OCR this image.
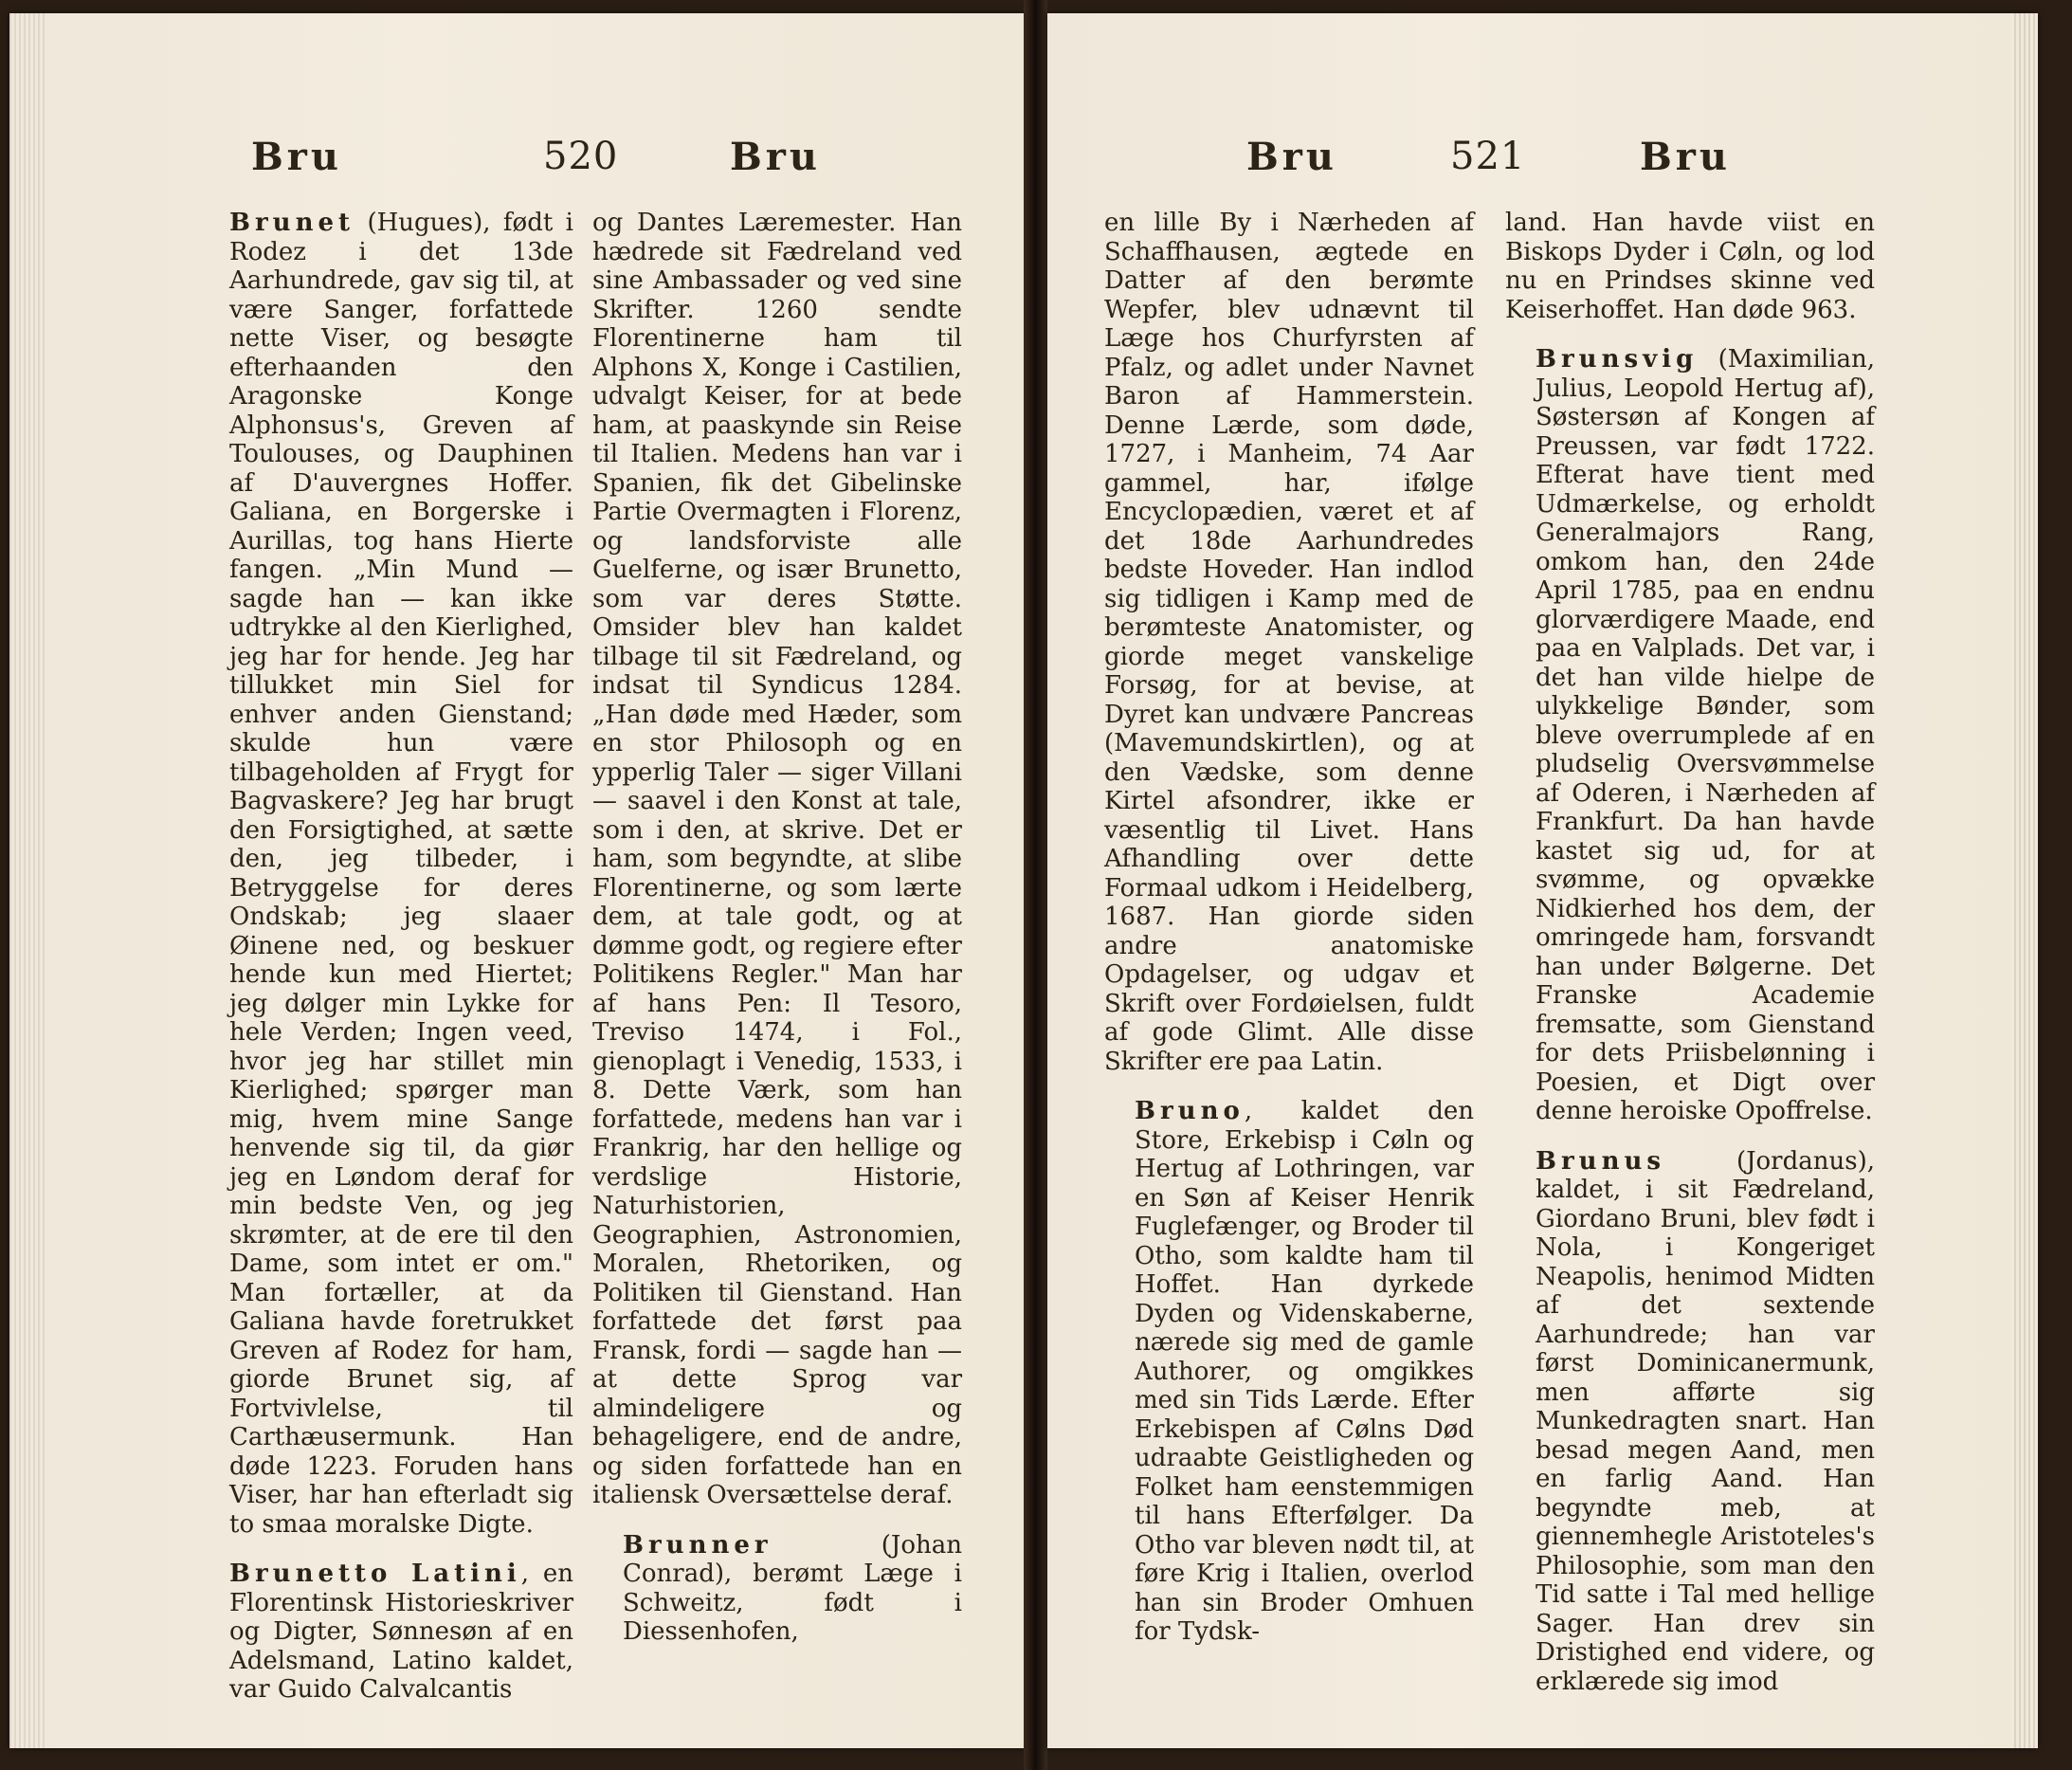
Bru	520	Bru

Brunet (Hugues), født i Rodez i det 13de Aarhundrede, gav sig til, at være Sanger, forfattede nette Viser, og besøgte efterhaanden den Aragonske Konge Alphonsus's, Greven af Toulouses, og Dauphinen af D'auvergnes Hoffer. Galiana, en Borgerske i Aurillas, tog hans Hierte fangen. „Min Mund — sagde han — kan ikke udtrykke al den Kierlighed, jeg har for hende. Jeg har tillukket min Siel for enhver anden Gienstand; skulde hun være tilbageholden af Frygt for Bagvaskere? Jeg har brugt den Forsigtighed, at sætte den, jeg tilbeder, i Betryggelse for deres Ondskab; jeg slaaer Øinene ned, og beskuer hende kun med Hiertet; jeg dølger min Lykke for hele Verden; Ingen veed, hvor jeg har stillet min Kierlighed; spørger man mig, hvem mine Sange henvende sig til, da giør jeg en Løndom deraf for min bedste Ven, og jeg skrømter, at de ere til den Dame, som intet er om." Man fortæller, at da Galiana havde foretrukket Greven af Rodez for ham, giorde Brunet sig, af Fortvivlelse, til Carthæusermunk. Han døde 1223. Foruden hans Viser, har han efterladt sig to smaa moralske Digte.

Brunetto Latini, en Florentinsk Historieskriver og Digter, Sønnesøn af en Adelsmand, Latino kaldet, var Guido Calvalcantis

og Dantes Læremester. Han hædrede sit Fædreland ved sine Ambassader og ved sine Skrifter. 1260 sendte Florentinerne ham til Alphons X, Konge i Castilien, udvalgt Keiser, for at bede ham, at paaskynde sin Reise til Italien. Medens han var i Spanien, fik det Gibelinske Partie Overmagten i Florenz, og landsforviste alle Guelferne, og især Brunetto, som var deres Støtte. Omsider blev han kaldet tilbage til sit Fædreland, og indsat til Syndicus 1284. „Han døde med Hæder, som en stor Philosoph og en ypperlig Taler — siger Villani — saavel i den Konst at tale, som i den, at skrive. Det er ham, som begyndte, at slibe Florentinerne, og som lærte dem, at tale godt, og at dømme godt, og regiere efter Politikens Regler." Man har af hans Pen: Il Tesoro, Treviso 1474, i Fol., gienoplagt i Venedig, 1533, i 8. Dette Værk, som han forfattede, medens han var i Frankrig, har den hellige og verdslige Historie, Naturhistorien, Geographien, Astronomien, Moralen, Rhetoriken, og Politiken til Gienstand. Han forfattede det først paa Fransk, fordi — sagde han — at dette Sprog var almindeligere og behageligere, end de andre, og siden forfattede han en italiensk Oversættelse deraf.

Brunner	(Johan Conrad), berømt Læge i Schweitz, født i Diessenhofen,

Bru	521	Bru

en lille By i Nærheden af Schaffhausen, ægtede en Datter af den berømte Wepfer, blev udnævnt til Læge hos Churfyrsten af Pfalz, og adlet under Navnet Baron af Hammerstein. Denne Lærde, som døde, 1727, i Manheim, 74 Aar gammel, har, ifølge Encyclopædien, været et af det 18de Aarhundredes bedste Hoveder. Han indlod sig tidligen i Kamp med de berømteste Anatomister, og giorde meget vanskelige Forsøg, for at bevise, at Dyret kan undvære Pancreas (Mavemundskirtlen), og at den Vædske, som denne Kirtel afsondrer, ikke er væsentlig til Livet. Hans Afhandling over dette Formaal udkom i Heidelberg, 1687. Han giorde siden andre anatomiske Opdagelser, og udgav et Skrift over Fordøielsen, fuldt af gode Glimt. Alle disse Skrifter ere paa Latin.

Bruno, kaldet den Store, Erkebisp i Cøln og Hertug af Lothringen, var en Søn af Keiser Henrik Fuglefænger, og Broder til Otho, som kaldte ham til Hoffet. Han dyrkede Dyden og Videnskaberne, nærede sig med de gamle Authorer, og omgikkes med sin Tids Lærde. Efter Erkebispen af Cølns Død udraabte Geistligheden og Folket ham eenstemmigen til hans Efterfølger. Da Otho var bleven nødt til, at føre Krig i Italien, overlod han sin Broder Omhuen for Tydsk-

land. Han havde viist en Biskops Dyder i Cøln, og lod nu en Prindses skinne ved Keiserhoffet. Han døde 963.

Brunsvig (Maximilian, Julius, Leopold Hertug af), Søstersøn af Kongen af Preussen, var født 1722. Efterat have tient med Udmærkelse, og erholdt Generalmajors Rang, omkom han, den 24de April 1785, paa en endnu glorværdigere Maade, end paa en Valplads. Det var, i det han vilde hielpe de ulykkelige Bønder, som bleve overrumplede af en pludselig Oversvømmelse af Oderen, i Nærheden af Frankfurt. Da han havde kastet sig ud, for at svømme, og opvække Nidkierhed hos dem, der omringede ham, forsvandt han under Bølgerne. Det Franske Academie fremsatte, som Gienstand for dets Priisbelønning i Poesien, et Digt over denne heroiske Opoffrelse.

Brunus	(Jordanus), kaldet, i sit Fædreland, Giordano Bruni, blev født i Nola, i Kongeriget Neapolis, henimod Midten af det sextende Aarhundrede; han var først Dominicanermunk, men afførte sig Munkedragten snart. Han besad megen Aand, men en farlig Aand. Han begyndte meb, at giennemhegle Aristoteles's Philosophie, som man den Tid satte i Tal med hellige Sager. Han drev sin Dristighed end videre, og erklærede sig imod
